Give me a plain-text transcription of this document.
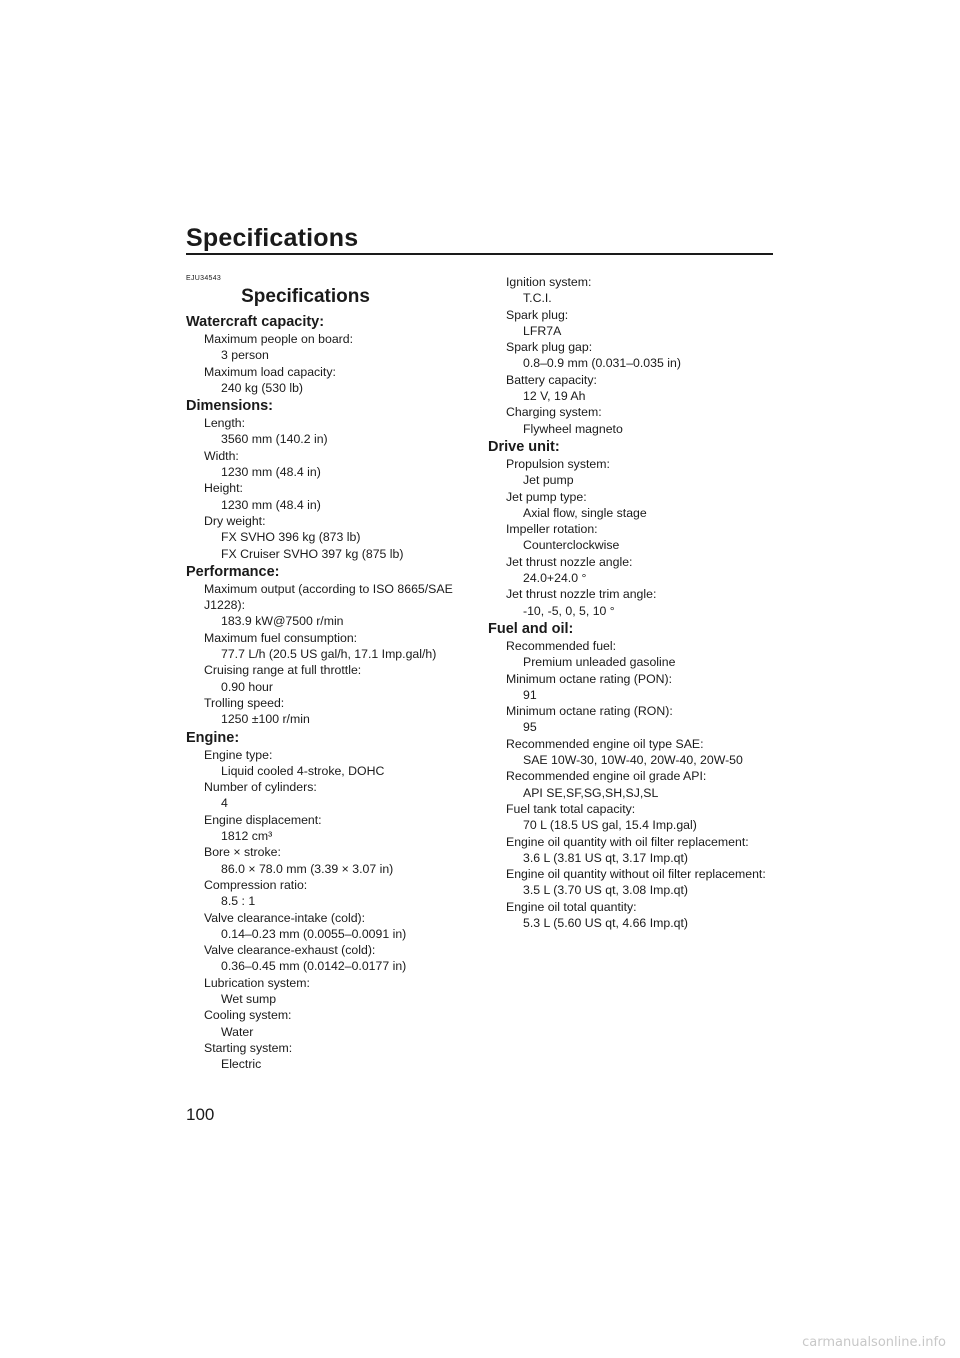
Specifications
EJU34543
Specifications
Watercraft capacity:
Maximum people on board:
3 person
Maximum load capacity:
240 kg (530 lb)
Dimensions:
Length:
3560 mm (140.2 in)
Width:
1230 mm (48.4 in)
Height:
1230 mm (48.4 in)
Dry weight:
FX SVHO 396 kg (873 lb)
FX Cruiser SVHO 397 kg (875 lb)
Performance:
Maximum output (according to ISO 8665/SAE
J1228):
183.9 kW@7500 r/min
Maximum fuel consumption:
77.7 L/h (20.5 US gal/h, 17.1 Imp.gal/h)
Cruising range at full throttle:
0.90 hour
Trolling speed:
1250 ±100 r/min
Engine:
Engine type:
Liquid cooled 4-stroke, DOHC
Number of cylinders:
4
Engine displacement:
1812 cm³
Bore × stroke:
86.0 × 78.0 mm (3.39 × 3.07 in)
Compression ratio:
8.5 : 1
Valve clearance-intake (cold):
0.14–0.23 mm (0.0055–0.0091 in)
Valve clearance-exhaust (cold):
0.36–0.45 mm (0.0142–0.0177 in)
Lubrication system:
Wet sump
Cooling system:
Water
Starting system:
Electric
Ignition system:
T.C.I.
Spark plug:
LFR7A
Spark plug gap:
0.8–0.9 mm (0.031–0.035 in)
Battery capacity:
12 V, 19 Ah
Charging system:
Flywheel magneto
Drive unit:
Propulsion system:
Jet pump
Jet pump type:
Axial flow, single stage
Impeller rotation:
Counterclockwise
Jet thrust nozzle angle:
24.0+24.0 °
Jet thrust nozzle trim angle:
-10, -5, 0, 5, 10 °
Fuel and oil:
Recommended fuel:
Premium unleaded gasoline
Minimum octane rating (PON):
91
Minimum octane rating (RON):
95
Recommended engine oil type SAE:
SAE 10W-30, 10W-40, 20W-40, 20W-50
Recommended engine oil grade API:
API SE,SF,SG,SH,SJ,SL
Fuel tank total capacity:
70 L (18.5 US gal, 15.4 Imp.gal)
Engine oil quantity with oil filter replacement:
3.6 L (3.81 US qt, 3.17 Imp.qt)
Engine oil quantity without oil filter replacement:
3.5 L (3.70 US qt, 3.08 Imp.qt)
Engine oil total quantity:
5.3 L (5.60 US qt, 4.66 Imp.qt)
100
carmanualsonline.info
